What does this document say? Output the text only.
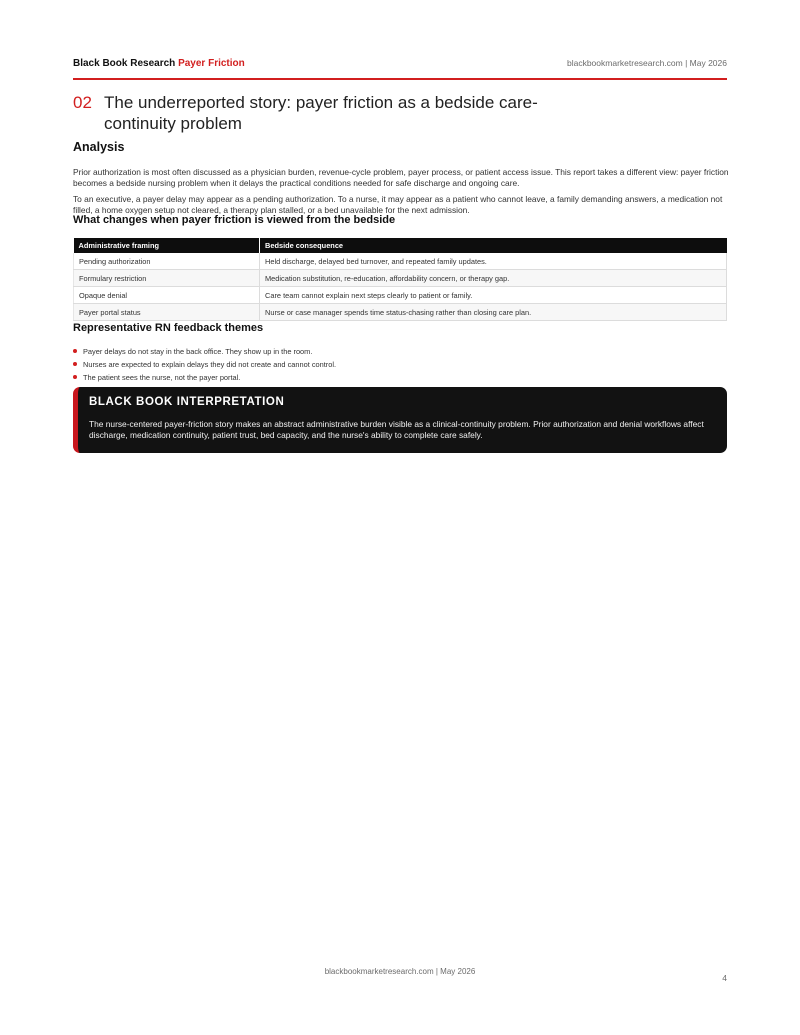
Black Book Research Payer Friction	blackbookmarketresearch.com | May 2026
02 The underreported story: payer friction as a bedside care-continuity problem
Analysis

Prior authorization is most often discussed as a physician burden, revenue-cycle problem, payer process, or patient access issue. This report takes a different view: payer friction becomes a bedside nursing problem when it delays the practical conditions needed for safe discharge and ongoing care.

To an executive, a payer delay may appear as a pending authorization. To a nurse, it may appear as a patient who cannot leave, a family demanding answers, a medication not filled, a home oxygen setup not cleared, a therapy plan stalled, or a bed unavailable for the next admission.

What changes when payer friction is viewed from the bedside
Administrative framing	Bedside consequence
Pending authorization	Held discharge, delayed bed turnover, and repeated family updates.
Formulary restriction	Medication substitution, re-education, affordability concern, or therapy gap.
Opaque denial	Care team cannot explain next steps clearly to patient or family.
Payer portal status	Nurse or case manager spends time status-chasing rather than closing care plan.
Representative RN feedback themes
Payer delays do not stay in the back office. They show up in the room.
Nurses are expected to explain delays they did not create and cannot control.
The patient sees the nurse, not the payer portal.
BLACK BOOK INTERPRETATION

The nurse-centered payer-friction story makes an abstract administrative burden visible as a clinical-continuity problem. Prior authorization and denial workflows affect discharge, medication continuity, patient trust, bed capacity, and the nurse's ability to complete care safely.

blackbookmarketresearch.com | May 2026
4
